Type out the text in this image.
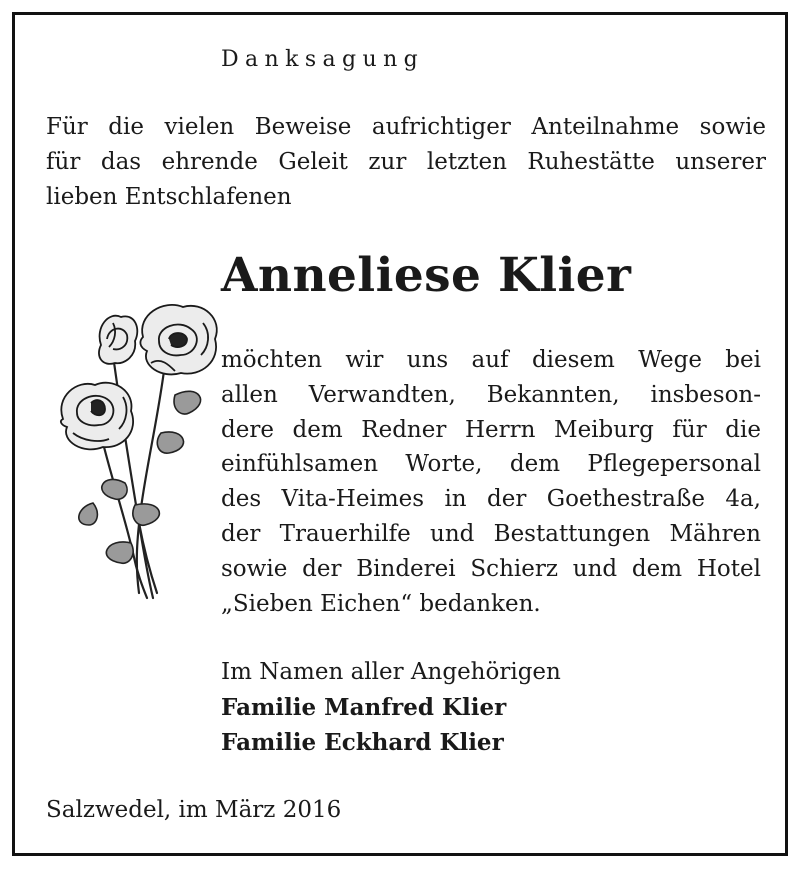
Danksagung
Für die vielen Beweise aufrichtiger Anteilnahme sowie
für das ehrende Geleit zur letzten Ruhestätte unserer
lieben Entschlafenen
Anneliese Klier
möchten wir uns auf diesem Wege bei
allen Verwandten, Bekannten, insbeson-
dere dem Redner Herrn Meiburg für die
einfühlsamen Worte, dem Pflegepersonal
des Vita-Heimes in der Goethestraße 4a,
der Trauerhilfe und Bestattungen Mähren
sowie der Binderei Schierz und dem Hotel
„Sieben Eichen“ bedanken.
Im Namen aller Angehörigen
Familie Manfred Klier
Familie Eckhard Klier
Salzwedel, im März 2016
